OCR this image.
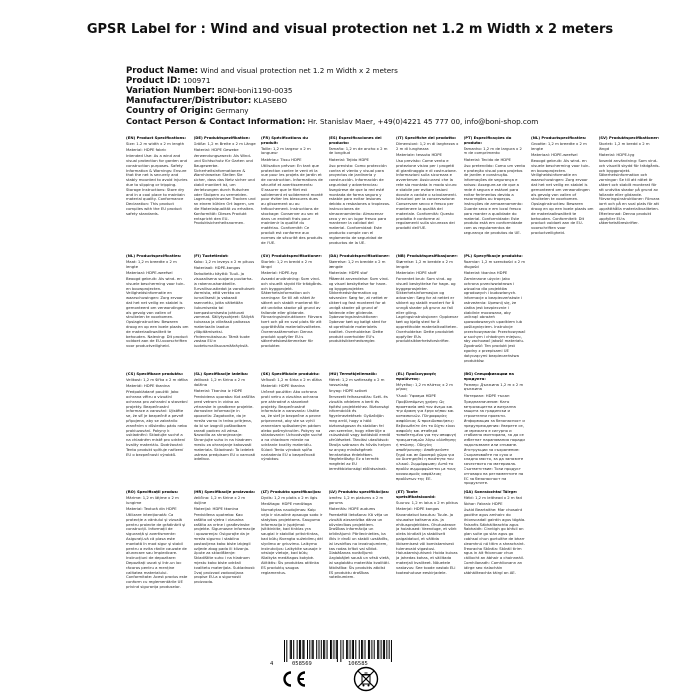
GPSR Label for : Wind and visual protection net 1.2 m Width x 2 meters
Product Name: Wind and visual protection net 1.2 m Width x 2 meters
Product ID: 100971
Variation Number: BONI-boni1190-0035
Manufacturer/Distributor: KLASEBO
Country of Origin: Germany
Contact Person & Contact Information: Hr. Stanislav Maer, +49(0)4221 45 777 00, info@boni-shop.com
(EN) Product Specifications:
Size: 1.2 m width x 2 m length
Material: HDPE fabric
Intended Use: As a wind and visual protection for garden and construction purposes. Safety Information & Warnings: Ensure that the net is securely and stably mounted to avoid injuries due to slipping or tripping. Storage Instructions: Store dry and in a cool place to maintain material quality. Conformance Declaration: This product complies with the EU product safety standards.
(DE) Produktspezifikation:
Größe: 1,2 m Breite x 2 m Länge
Material: HDPE Gewebe
Verwendungszweck: Als Wind- und Sichtschutz für Garten und Baugewerbe. Sicherheitsinformationen & Warnhinweise: Stellen Sie sicher, dass das Netz sicher und stabil montiert ist, um Verletzungen durch Rutschen oder Stolpern zu vermeiden. Lagerungshinweise: Trocken und an einem kühlen Ort lagern, um die Materialqualität zu erhalten. Konformität: Dieses Produkt entspricht den EU-Produktsicherheitsnormen.
(FR) Spécifications du produit:
Taille: 1,2 m largeur x 2 m longueur
Matériau: Tissu HDPE
Utilisation prévue: En tant que protection contre le vent et la vue pour les projets de jardin et de construction. Informations de sécurité et avertissements: S'assurer que le filet est solidement et solidement monté pour éviter les blessures dues au glissement ou au trébuchement. Instructions de stockage: Conserver au sec et dans un endroit frais pour maintenir la qualité du matériau. Conformité: Ce produit est conforme aux normes de sécurité des produits de l'UE.
(ES) Especificaciones del producto:
Tamaño: 1,2 m de ancho x 2 m de longitud
Material: Tejido HDPE
Uso previsto: Como protección contra el viento y visual para proyectos de jardinería y construcción. Información de seguridad y advertencias: Asegúrese de que la red esté montada de forma segura y estable para evitar lesiones debido a resbalones o tropiezos. Instrucciones de almacenamiento: Almacenar seco y en un lugar fresco para mantener la calidad del material. Conformidad: Este producto cumple con el reglamento de seguridad de productos de la UE.
(IT) Specifiche del prodotto:
Dimensioni: 1,2 m di larghezza x 2 m di lunghezza
Materiale: tessuto HDPE
Uso previsto: Come vento e protezione visiva per i progetti di giardinaggio e di costruzione. Informazioni sulla sicurezza e avvertenze: Assicurarsi che la rete sia montata in modo sicuro e stabile per evitare lesioni dovute a cadute o scivolamenti. Istruzioni per la conservazione: Conservare secco e fresco per mantenere la qualità del materiale. Conformità: Questo prodotto è conforme ai regolamenti sulla sicurezza dei prodotti dell'UE.
(PT) Especificações do produto:
Tamanho: 1,2 m de largura x 2 m de comprimento
Material: Tecido de HDPE
Uso pretendido: Como um vento e proteção visual para projetos de jardim e construção. Informações de segurança e avisos: Assegure-se de que a rede é segura e estável para evitar ferimentos devido a escorregões ou tropeços. Instruções de armazenamento: Guarde seco e em local fresco para manter a qualidade do material. Conformidade: Este produto está em conformidade com os regulamentos de segurança de produtos da UE.
(NL) Productspecificaties:
Grootte: 1,2 m breedte x 2 m lengte
Materiaal: HDPE-weefsel
Beoogd gebruik: Als wind- en visuele bescherming voor tuin- en bouwprojecten. Veiligheidsinformatie en waarschuwingen: Zorg ervoor dat het net veilig en stabiel is gemonteerd om verwondingen als gevolg van vallen of struikelen te voorkomen. Opslaginstructies: Bewaren droog en op een koele plaats om de materiaalkwaliteit te behouden. Conformiteit: Dit product voldoet aan de EU-voorschriften voor productveiligheid.
(SV) Produktspecifikationer:
Storlek: 1,2 m bredd x 2 m längd
Material: HDPE-tyg
Avsedd användning: Som vind- och visuellt skydd för trädgårds- och byggprojekt. Säkerhetsinformation och varningar: Se till att nätet är säkert och stabilt monterat för att undvika skador på grund av fallande eller glidande. Förvaringsinstruktioner: Förvara torrt och på en sval plats för att upprätthålla materialkvaliteten. Efterlevnad: Denna produkt uppfyller EU:s säkerhetsföreskrifter.
(NL) Productspecificaties:
Maat: 1,2 m breedte x 2 m lengte
Materiaal: HDPE-weefsel
Beoogd gebruik: Als wind- en visuele bescherming voor tuin- en bouwprojecten. Veiligheidsinformatie en waarschuwingen: Zorg ervoor dat het net veilig en stabiel is gemonteerd om verwondingen als gevolg van vallen of struikelen te voorkomen. Opslaginstructies: Bewaren droog en op een koele plaats om de materiaalkwaliteit te behouden. Naleving: Dit product voldoet aan de EU-voorschriften voor productveiligheid.
(FI) Tuotetiedot:
Koko: 1,2 m leveys x 2 m pituus
Materiaali: HDPE-kangas
Tarkoitettu käyttö: Tuuli- ja visuaalisena suojana puutarha- ja rakennushankkeille. Turvallisuustiedot ja varoitukset: Varmista, että verkko on turvallisesti ja vakaasti asennettu, jotta vältetään liukumisesta tai kompastumisesta johtuvat vammat. Säilytysohjeet: Säilytä kuivassa ja viileässä paikassa materiaalin laadun ylläpitämiseksi. Yhdenmukaisuus: Tämä tuote vastaa EU:n tuoteturvallisuusmääräyksiä.
(SV) Produktspecifikationer:
Storlek: 1,2 m bredd x 2 m längd
Material: HDPE-tyg
Avsedd användning: Som vind- och visuellt skydd för trädgårds- och byggprojekt. Säkerhetsinformation och varningar: Se till att nätet är säkert och stabilt monterat för att undvika skador på grund av fallande eller glidande. Förvaringsinstruktioner: Förvara torrt och på en sval plats för att upprätthålla materialkvaliteten. Överensstämmelse: Denna produkt uppfyller EU:s säkerhetsbestämmelser för produkter.
(DA) Produktspecifikationer:
Størrelse: 1,2 m bredde x 2 m længde
Materiale: HDPE stof
Påtænkt anvendelse: Som vind- og visuel beskyttelse for have- og byggeprojekter. Sikkerhedsinformation og advarsler: Sørg for, at nettet er sikkert og fast monteret for at undgå skader på grund af faldende eller glidende. Opbevaringsinstruktioner: Opbevar tørt og køligt sted for at opretholde materialets kvalitet. Overholdelse: Dette produkt overholder EU's produktsikkerhedsregler.
(NB) Produktspesifikasjoner:
Størrelse: 1,2 m bredde x 2 m lengde
Materiale: HDPE stoff
Forventet bruk: Som vind- og visuell beskyttelse for hage- og byggeprosjekter. Sikkerhetsinformasjon og advarsler: Sørg for at nettet er sikkert og stabilt montert for å unngå skader på grunn av fall eller gliing. Lagringsinstruksjoner: Oppbevar tørt og kjølig sted for å opprettholde materialkvaliteten. Overholdelse: Dette produktet oppfyller EUs produktsikkerhetsforskrifter.
(PL) Specyfikacje produktu:
Rozmiar: 1,2 m szerokości x 2 m długości
Materiał: tkanina HDPE
Zamierzone użycie: Jako ochrona przeciwwiatrowa i wizualna dla projektów ogrodowych i budowlanych. Informacje o bezpieczeństwie i ostrzeżenia: Upewnij się, że siatka jest bezpiecznie i stabilnie mocowana, aby uniknąć obrażeń spowodowanych upadkiem lub poślizgnięciem. Instrukcje przechowywania: Przechowywać w suchym i chłodnym miejscu, aby zachować jakość materiału. Zgodność: Ten produkt jest zgodny z przepisami UE dotyczącymi bezpieczeństwa produktów.
(CS) Specifikace produktu:
Velikost: 1,2 m šířka x 2 m délka
Materiál: HDPE tkanina
Předpokládané použití: Jako ochrana větru a vizuální ochrana pro zahradní a stavební projekty. Bezpečnostní informace a varování: Ujistěte se, že síť je bezpečně a pevně připojena, aby se zabránilo zraněním v důsledku pádu nebo prokluzování. Pokyny k uskladnění: Skladujte suché a na chladném místě pro udržení kvality materiálu. Dodržování: Tento produkt splňuje nařízení EU o bezpečnosti výrobků.
(SL) Specifikacije izdelka:
Velikost: 1,2 m širina x 2 m dolžina
Material: Tkanina iz HDPE
Predvidena uporaba: Kot zaščita pred vetrom in vidna za vrtnarske in gradbene projekte. Varnostne informacije in opozorila: Zagotovite, da je mreža varno in trdno pritrjena, da bi se izognili poškodbam zaradi padcev ali zdrsa. Navodila za shranjevanje: Shranjujte suho in na hladnem mestu za ohranjanje kakovosti materiala. Skladnost: Ta izdelek ustreza predpisom EU o varnosti izdelkov.
(SK) Špecifikácie produktu:
Veľkosť: 1,2 m šírka x 2 m dĺžka
Materiál: HDPE tkanina
Určené použitie: Ako ochrana proti vetru a vizuálna ochrana pre záhradné a stavebné projekty. Bezpečnostné informácie a varovania: Uistite sa, že sieť je bezpečne a pevne pripevnená, aby ste sa vyhli zraneniam spôsobeným pádom alebo pošmyknutím. Pokyny na skladovanie: Uchovávajte suché a na chladnom mieste na udržanie kvality materiálu. Súlad: Tento výrobok spĺňa nariadenia EÚ o bezpečnosti výrobkov.
(HU) Termékjellemzők:
Méret: 1,2 m szélesség x 2 m hosszúság
Anyag: HDPE szövet
Tervezett felhasználás: Szél- és vizuális védelem a kerti és építési projektekhez. Biztonsági információk és figyelmeztetések: Győződjön meg arról, hogy a háló biztonságosan és stabilan fel van szerelve, hogy elkerülje a csúszásból vagy botlásból eredő sérüléseket. Tárolási utasítások: Tárolja szárazon és hűvös helyen az anyag minőségének fenntartása érdekében. Megfelelőség: Ez a termék megfelel az EU termékbiztonsági előírásainak.
(EL) Προδιαγραφές προϊόντος:
Μέγεθος: 1,2 m πλάτος x 2 m μήκος
Υλικό: Ύφασμα HDPE
Προβλεπόμενη χρήση: Ως προστασία από τον άνεμο και την όραση για έργα κήπου και κατασκευών. Πληροφορίες ασφάλειας & προειδοποιήσεις: Βεβαιωθείτε ότι το δίχτυ είναι ασφαλές και σταθερά τοποθετημένο για την αποφυγή τραυματισμών λόγω ολίσθησης ή πτώσης. Οδηγίες αποθήκευσης: Αποθηκεύστε ξηρό και σε δροσερό χώρο για να διατηρηθεί η ποιότητα του υλικού. Συμμόρφωση: Αυτό το προϊόν συμμορφώνεται με τους κανονισμούς ασφάλειας προϊόντων της ΕΕ.
(BG) Спецификации на продукта:
Размер: Дължина 1,2 m x 2 m дължина
Материал: HDPE тъкан
Предназначение: Като ветрозащитна и визуална защита за градински и строителни проекти. Информация за безопасност и предупреждения: Уверете се, че мрежата е сигурно и стабилно монтирана, за да се избегнат наранявания поради подхлъзване или спъване. Инструкции за съхранение: Съхранявайте на сухо и хладно място, за да запазите качеството на материала. Съответствие: Този продукт отговаря на регламентите на ЕС за безопасност на продуктите.
(RO) Specificații produs:
Mărime: 1,2 m lățime x 2 m lungime
Material: Textură din HDPE
Utilizare intenționată: Ca protecție a vântului și vizuală pentru proiecte de grădinărit și construcții. Informații de siguranță și avertismente: Asigurați-vă că plasa este montată în mod sigur și stabil pentru a evita rănile cauzate de alunecare sau împiedicare. Instrucțiuni de depozitare: Depozitați uscat și într-un loc răcoros pentru a menține calitatea materialului. Conformitate: Acest produs este conform cu reglementările UE privind siguranța produselor.
(HR) Specifikacije proizvoda:
Veličina: 1,2 m širine x 2 m duljine
Materijal: HDPE tkanina
Predviđena upotreba: Kao zaštita od vjetra i vizualna zaštita za vrtne i građevinske projekte. Sigurnosne informacije i upozorenja: Osigurajte da je mreža sigurno i stabilno postavljena kako biste izbjegli ozljede zbog pada ili klizanja. Upute za skladištenje: Skladištite suho i na hladnom mjestu kako biste održali kvalitetu materijala. Sukladnost: Ovaj proizvod zadovoljava propise EU-a o sigurnosti proizvoda.
(LT) Produkto specifikacijos:
Dydis: 1,2 m plotis x 2 m ilgis
Medžiaga: HDPE medžiaga
Numatytas naudojimas: Kaip vėjo ir vizualinė apsauga sodo ir statybos projektams. Saugumo informacija ir įspėjimai: Įsitikinkite, kad tinklas yra saugiai ir stabiliai pritvirtintas, kad būtų išvengta sužeidimų dėl slydimo ar griuvimo. Laikymo instrukcijos: Laikykite sausoje ir vėsioje vietoje, kad būtų išlaikyta medžiagos kokybė. Atitiktis: Šis produktas atitinka ES produktų saugos reglamentus.
(LV) Produktu specifikācijas:
Izmērs: 1,2 m platums x 2 m garums
Materiāls: HDPE audums
Paredzētā lietošana: Kā vēja un vizuālā aizsardzība dārza un būvniecības projektiem. Drošības informācija un brīdinājumi: Pārliecinieties, ka tīkls ir droši un stabili uzstādīts, lai izvairītos no ievainojumiem, kas rodas krītot vai slīdot. Glabāšanas norādījumi: Uzglabājiet sausā un vēsā vietā, lai saglabātu materiāla kvalitāti. Atbilstība: Šis produkts atbilst ES produktu drošības noteikumiem.
(ET) Toote spetsifikatsioonid:
Suurus: 1,2 m laius x 2 m pikkus
Materjal: HDPE kangas
Kavandatud kasutus: Tuule- ja visuaalse kaitsena aia- ja ehitusprojektides. Ohutusteave ja hoiatused: Veenduge, et võrk oleks kindlalt ja stabiilselt paigaldatud, et vältida libisemisest või komistamisest tulenevaid vigastusi. Hoiustamisjuhised: Hoida kuivas ja jahedas kohas, et säilitada materjali kvaliteet. Nõuetele vastavus: See toode vastab ELi tooteohutuse eeskirjadele.
(GA) Sonraíochtaí Táirge:
Méid: 1,2 m leithead x 2 m fad
Ábhar: Fabraic HDPE
Úsáid Beartaithe: Mar chosaint gaoithe agus amhairc do thionscadail gairdín agus tógála. Faisnéis Sábháilteachta agus Rabhaidh: Cinntigh go bhfuil an glan suite go slán agus go cobhsaí chun gortuithe de bharr sleamhnú nó titim a sheachaint. Treoracha Stórála: Stóráil tirim agus in áit fhionnuar chun cáilíocht an ábhair a choinneáil. Comhlíonadh: Comhlíonann an táirge seo rialacháin sábháilteachta táirgí an AE.
4	058569	106585
